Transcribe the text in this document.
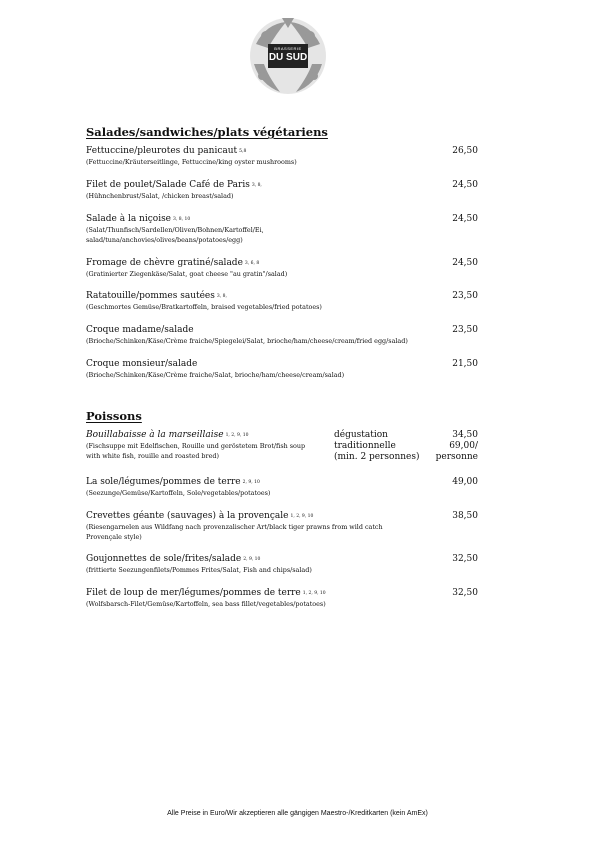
BRASSERIE
DU SUD
Salades/sandwiches/plats végétariens
Fettuccine/pleurotes du panicaut 5,8
(Fettuccine/Kräuterseitlinge, Fettuccine/king oyster mushrooms)
26,50
Filet de poulet/Salade Café de Paris 3, 8,
(Hühnchenbrust/Salat, /chicken breast/salad)
24,50
Salade à la niçoise 3, 8, 10
(Salat/Thunfisch/Sardellen/Oliven/Bohnen/Kartoffel/Ei,
salad/tuna/anchovies/olives/beans/potatoes/egg)
24,50
Fromage de chèvre gratiné/salade 3, 6, 8
(Gratinierter Ziegenkäse/Salat, goat cheese "au gratin"/salad)
24,50
Ratatouille/pommes sautées 3, 8,
(Geschmortes Gemüse/Bratkartoffeln, braised vegetables/fried potatoes)
23,50
Croque madame/salade
(Brioche/Schinken/Käse/Crème fraiche/Spiegelei/Salat, brioche/ham/cheese/cream/fried egg/salad)
23,50
Croque monsieur/salade
(Brioche/Schinken/Käse/Crème fraiche/Salat, brioche/ham/cheese/cream/salad)
21,50
Poissons
Bouillabaisse à la marseillaise 1, 2, 9, 10
(Fischsuppe mit Edelfischen, Rouille und geröstetem Brot/fish soup
with white fish, rouille and roasted bred)
dégustation
traditionnelle
(min. 2 personnes)
34,50
69,00/
personne
La sole/légumes/pommes de terre 2, 9, 10
(Seezunge/Gemüse/Kartoffeln, Sole/vegetables/potatoes)
49,00
Crevettes géante (sauvages) à la provençale 1, 2, 9, 10
(Riesengarnelen aus Wildfang nach provenzalischer Art/black tiger prawns from wild catch
Provençale style)
38,50
Goujonnettes de sole/frites/salade 2, 9, 10
(frittierte Seezungenfilets/Pommes Frites/Salat, Fish and chips/salad)
32,50
Filet de loup de mer/légumes/pommes de terre 1, 2, 9, 10
(Wolfsbarsch-Filet/Gemüse/Kartoffeln, sea bass fillet/vegetables/potatoes)
32,50
Alle Preise in Euro/Wir akzeptieren alle gängigen Maestro-/Kreditkarten (kein AmEx)
